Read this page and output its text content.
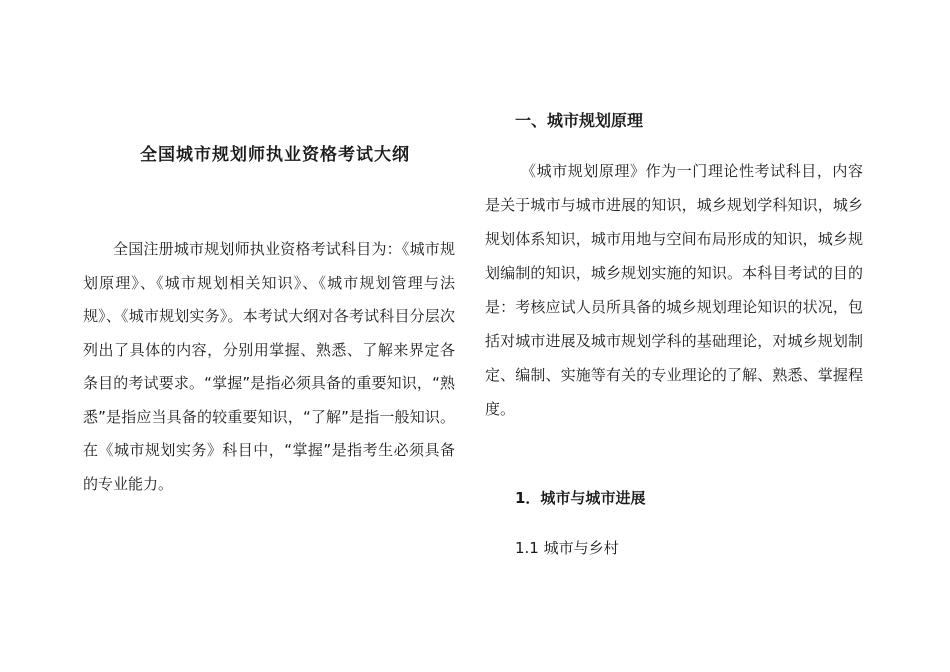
全国城市规划师执业资格考试大纲

全国注册城市规划师执业资格考试科目为：《城市规划原理》、《城市规划相关知识》、《城市规划管理与法规》、《城市规划实务》。本考试大纲对各考试科目分层次列出了具体的内容，分别用掌握、熟悉、了解来界定各条目的考试要求。“掌握”是指必须具备的重要知识，“熟悉”是指应当具备的较重要知识，“了解”是指一般知识。在《城市规划实务》科目中，“掌握”是指考生必须具备的专业能力。

一、城市规划原理

《城市规划原理》作为一门理论性考试科目，内容是关于城市与城市进展的知识，城乡规划学科知识，城乡规划体系知识，城市用地与空间布局形成的知识，城乡规划编制的知识，城乡规划实施的知识。本科目考试的目的是：考核应试人员所具备的城乡规划理论知识的状况，包括对城市进展及城市规划学科的基础理论，对城乡规划制定、编制、实施等有关的专业理论的了解、熟悉、掌握程度。

1．城市与城市进展
1.1 城市与乡村
